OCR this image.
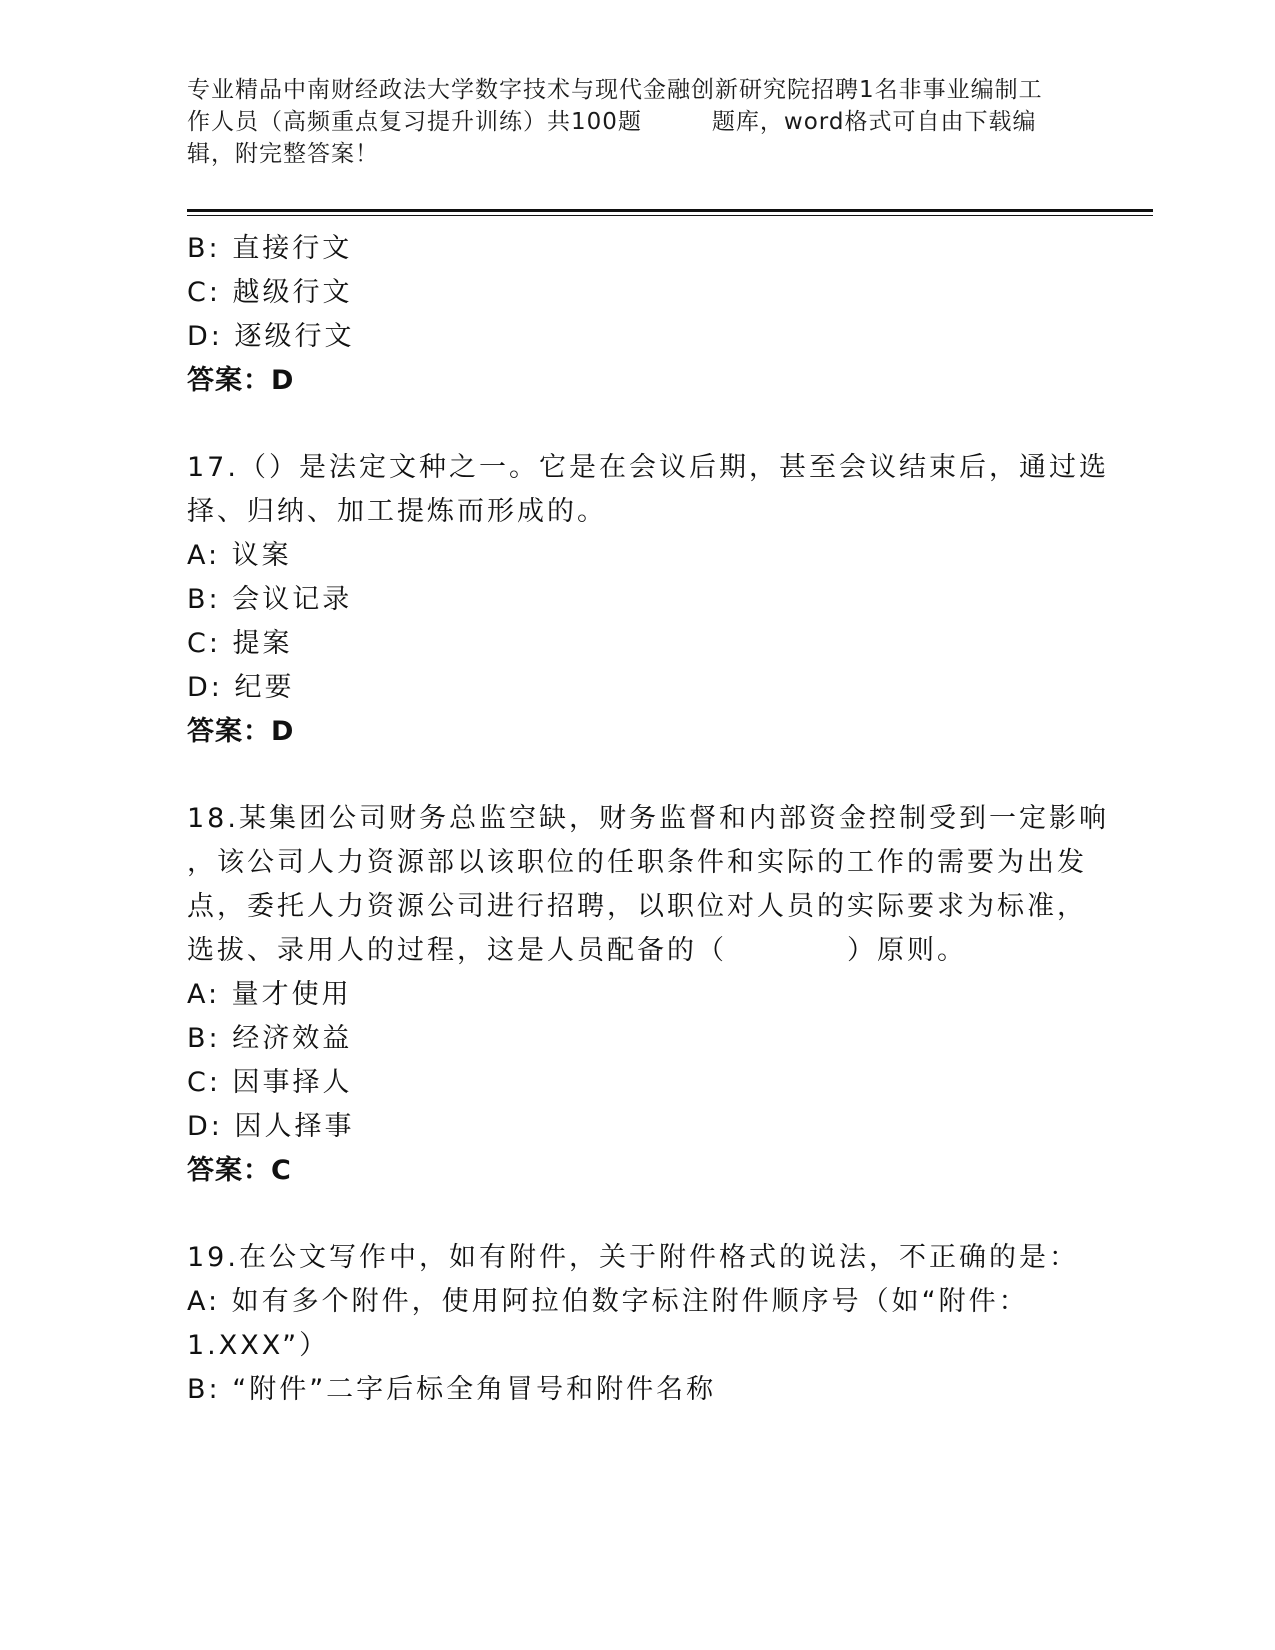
专业精品中南财经政法大学数字技术与现代金融创新研究院招聘1名非事业编制工
作人员（高频重点复习提升训练）共100题	题库，word格式可自由下载编
辑，附完整答案！
B: 直接行文
C: 越级行文
D: 逐级行文
答案：D
17.（）是法定文种之一。它是在会议后期，甚至会议结束后，通过选
择、归纳、加工提炼而形成的。
A: 议案
B: 会议记录
C: 提案
D: 纪要
答案：D
18.某集团公司财务总监空缺，财务监督和内部资金控制受到一定影响
，该公司人力资源部以该职位的任职条件和实际的工作的需要为出发
点，委托人力资源公司进行招聘，以职位对人员的实际要求为标准，
选拔、录用人的过程，这是人员配备的（	）原则。
A: 量才使用
B: 经济效益
C: 因事择人
D: 因人择事
答案：C
19.在公文写作中，如有附件，关于附件格式的说法，不正确的是：
A: 如有多个附件，使用阿拉伯数字标注附件顺序号（如“附件：
1.XXX”）
B: “附件”二字后标全角冒号和附件名称
